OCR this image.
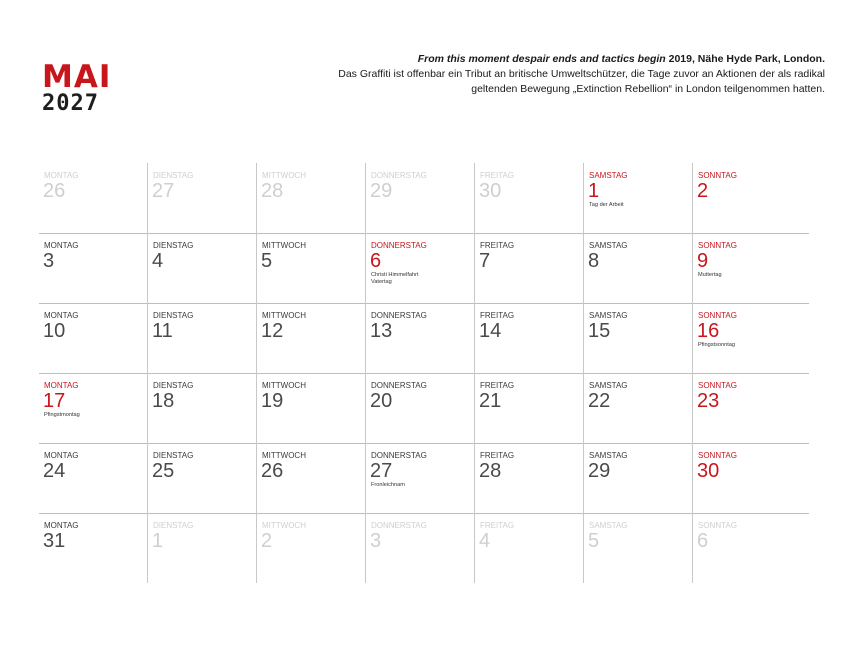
MAI
2027
From this moment despair ends and tactics begin 2019, Nähe Hyde Park, London.
Das Graffiti ist offenbar ein Tribut an britische Umweltschützer, die Tage zuvor an Aktionen der als radikal geltenden Bewegung „Extinction Rebellion“ in London teilgenommen hatten.
MONTAG
26
DIENSTAG
27
MITTWOCH
28
DONNERSTAG
29
FREITAG
30
SAMSTAG
1
Tag der Arbeit
SONNTAG
2
MONTAG
3
DIENSTAG
4
MITTWOCH
5
DONNERSTAG
6
Christi Himmelfahrt
Vatertag
FREITAG
7
SAMSTAG
8
SONNTAG
9
Muttertag
MONTAG
10
DIENSTAG
11
MITTWOCH
12
DONNERSTAG
13
FREITAG
14
SAMSTAG
15
SONNTAG
16
Pfingstsonntag
MONTAG
17
Pfingstmontag
DIENSTAG
18
MITTWOCH
19
DONNERSTAG
20
FREITAG
21
SAMSTAG
22
SONNTAG
23
MONTAG
24
DIENSTAG
25
MITTWOCH
26
DONNERSTAG
27
Fronleichnam
FREITAG
28
SAMSTAG
29
SONNTAG
30
MONTAG
31
DIENSTAG
1
MITTWOCH
2
DONNERSTAG
3
FREITAG
4
SAMSTAG
5
SONNTAG
6
